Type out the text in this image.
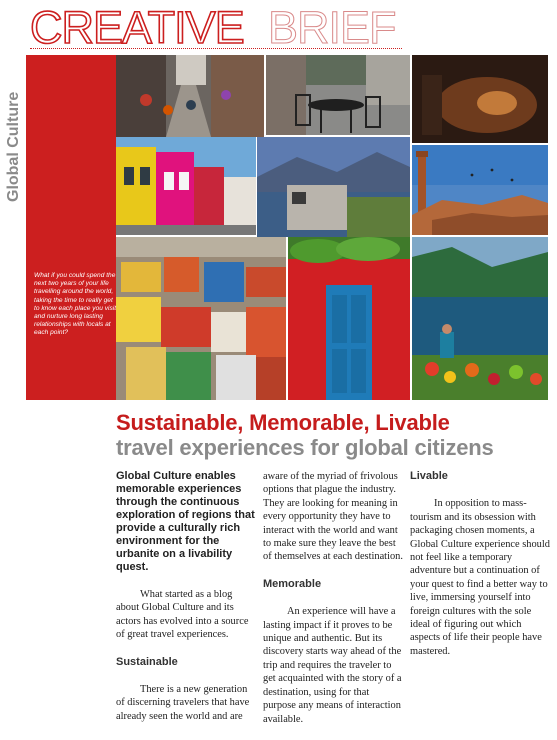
CREATIVE BRIEF
Global Culture
What if you could spend the next two years of your life travelling around the world, taking the time to really get to know each place you visit and nurture long lasting relationships with locals at each point?
Sustainable, Memorable, Livable
travel experiences for global citizens

Global Culture enables memorable experiences through the continuous exploration of regions that provide a culturally rich environment for the urbanite on a livability quest.

What started as a blog about Global Culture and its actors has evolved into a source of great travel experiences.

Sustainable

There is a new generation of discerning travelers that have already seen the world and are

aware of the myriad of frivolous options that plague the industry. They are looking for meaning in every opportunity they have to interact with the world and want to make sure they leave the best of themselves at each destination.

Memorable

An experience will have a lasting impact if it proves to be unique and authentic. But its discovery starts way ahead of the trip and requires the traveler to get acquainted with the story of a destination, using for that purpose any means of interaction available.

Livable

In opposition to mass-tourism and its obsession with packaging chosen moments, a Global Culture experience should not feel like a temporary adventure but a continuation of your quest to find a better way to live, immersing yourself into foreign cultures with the sole ideal of figuring out which aspects of life their people have mastered.
